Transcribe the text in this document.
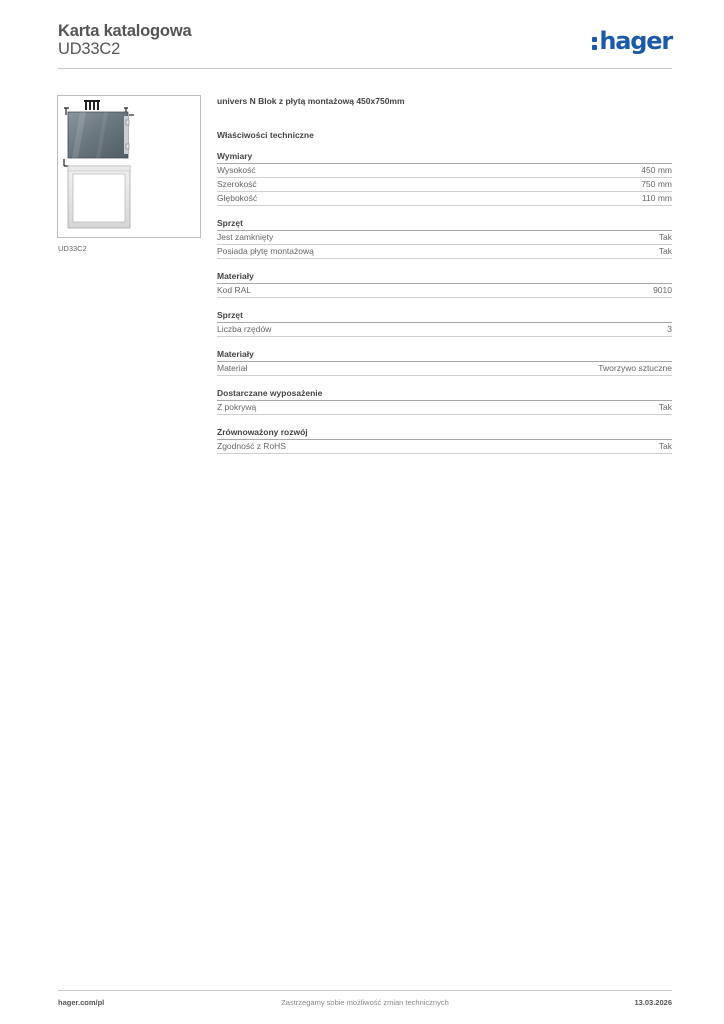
Karta katalogowa
UD33C2	hager
UD33C2
univers N Blok z płytą montażową 450x750mm
Właściwości techniczne
Wymiary
Wysokość	450 mm
Szerokość	750 mm
Głębokość	110 mm
Sprzęt
Jest zamknięty	Tak
Posiada płytę montażową	Tak
Materiały
Kod RAL	9010
Sprzęt
Liczba rzędów	3
Materiały
Materiał	Tworzywo sztuczne
Dostarczane wyposażenie
Z pokrywą	Tak
Zrównoważony rozwój
Zgodność z RoHS	Tak
hager.com/pl	Zastrzegamy sobie możliwość zmian technicznych	13.03.2026
